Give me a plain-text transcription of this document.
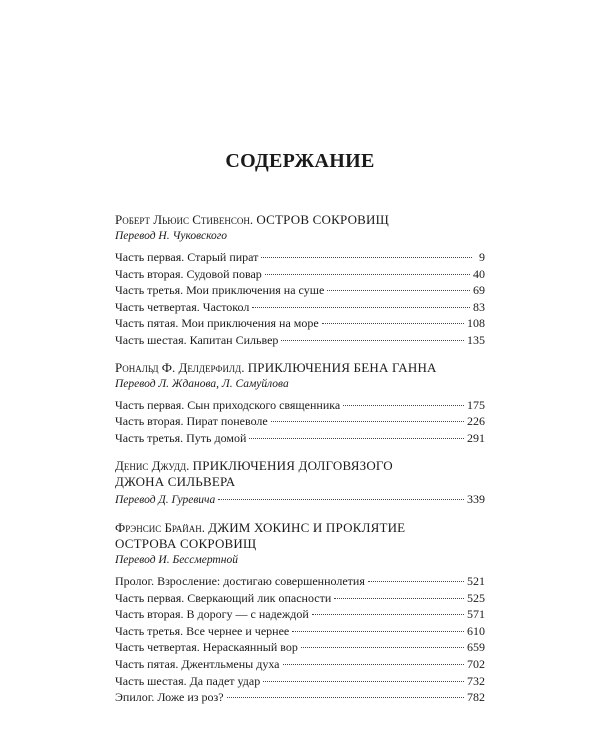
СОДЕРЖАНИЕ
Роберт Льюис Стивенсон. ОСТРОВ СОКРОВИЩ
Перевод Н. Чуковского
Часть первая. Старый пират	9
Часть вторая. Судовой повар	40
Часть третья. Мои приключения на суше	69
Часть четвертая. Частокол	83
Часть пятая. Мои приключения на море	108
Часть шестая. Капитан Сильвер	135
Рональд Ф. Делдерфилд. ПРИКЛЮЧЕНИЯ БЕНА ГАННА
Перевод Л. Жданова, Л. Самуйлова
Часть первая. Сын приходского священника	175
Часть вторая. Пират поневоле	226
Часть третья. Путь домой	291
Денис Джудд. ПРИКЛЮЧЕНИЯ ДОЛГОВЯЗОГО
ДЖОНА СИЛЬВЕРА
Перевод Д. Гуревича	339
Фрэнсис Брайан. ДЖИМ ХОКИНС И ПРОКЛЯТИЕ
ОСТРОВА СОКРОВИЩ
Перевод И. Бессмертной
Пролог. Взросление: достигаю совершеннолетия	521
Часть первая. Сверкающий лик опасности	525
Часть вторая. В дорогу — с надеждой	571
Часть третья. Все чернее и чернее	610
Часть четвертая. Нераскаянный вор	659
Часть пятая. Джентльмены духа	702
Часть шестая. Да падет удар	732
Эпилог. Ложе из роз?	782
